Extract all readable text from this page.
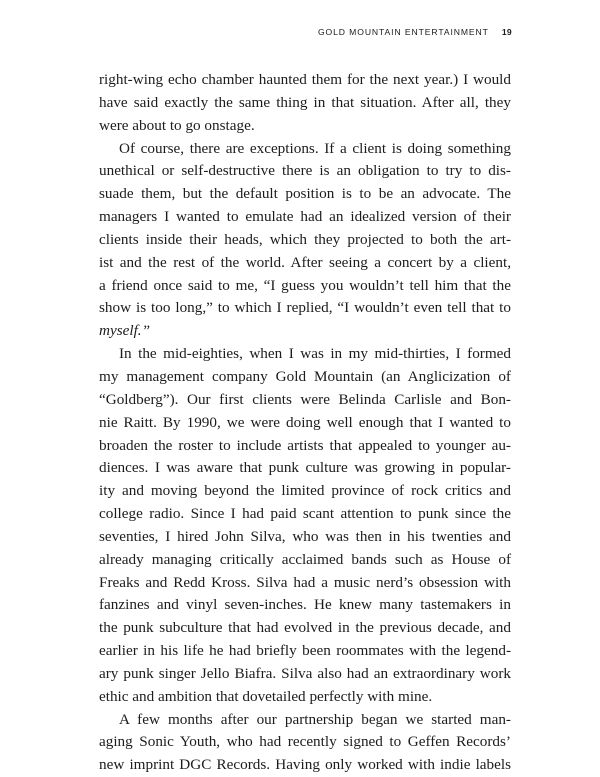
GOLD MOUNTAIN ENTERTAINMENT 19
right-wing echo chamber haunted them for the next year.) I would
have said exactly the same thing in that situation. After all, they
were about to go onstage.
Of course, there are exceptions. If a client is doing something
unethical or self-destructive there is an obligation to try to dis-
suade them, but the default position is to be an advocate. The
managers I wanted to emulate had an idealized version of their
clients inside their heads, which they projected to both the art-
ist and the rest of the world. After seeing a concert by a client,
a friend once said to me, “I guess you wouldn’t tell him that the
show is too long,” to which I replied, “I wouldn’t even tell that to
myself.”
In the mid-eighties, when I was in my mid-thirties, I formed
my management company Gold Mountain (an Anglicization of
“Goldberg”). Our first clients were Belinda Carlisle and Bon-
nie Raitt. By 1990, we were doing well enough that I wanted to
broaden the roster to include artists that appealed to younger au-
diences. I was aware that punk culture was growing in popular-
ity and moving beyond the limited province of rock critics and
college radio. Since I had paid scant attention to punk since the
seventies, I hired John Silva, who was then in his twenties and
already managing critically acclaimed bands such as House of
Freaks and Redd Kross. Silva had a music nerd’s obsession with
fanzines and vinyl seven-inches. He knew many tastemakers in
the punk subculture that had evolved in the previous decade, and
earlier in his life he had briefly been roommates with the legend-
ary punk singer Jello Biafra. Silva also had an extraordinary work
ethic and ambition that dovetailed perfectly with mine.
A few months after our partnership began we started man-
aging Sonic Youth, who had recently signed to Geffen Records’
new imprint DGC Records. Having only worked with indie labels
